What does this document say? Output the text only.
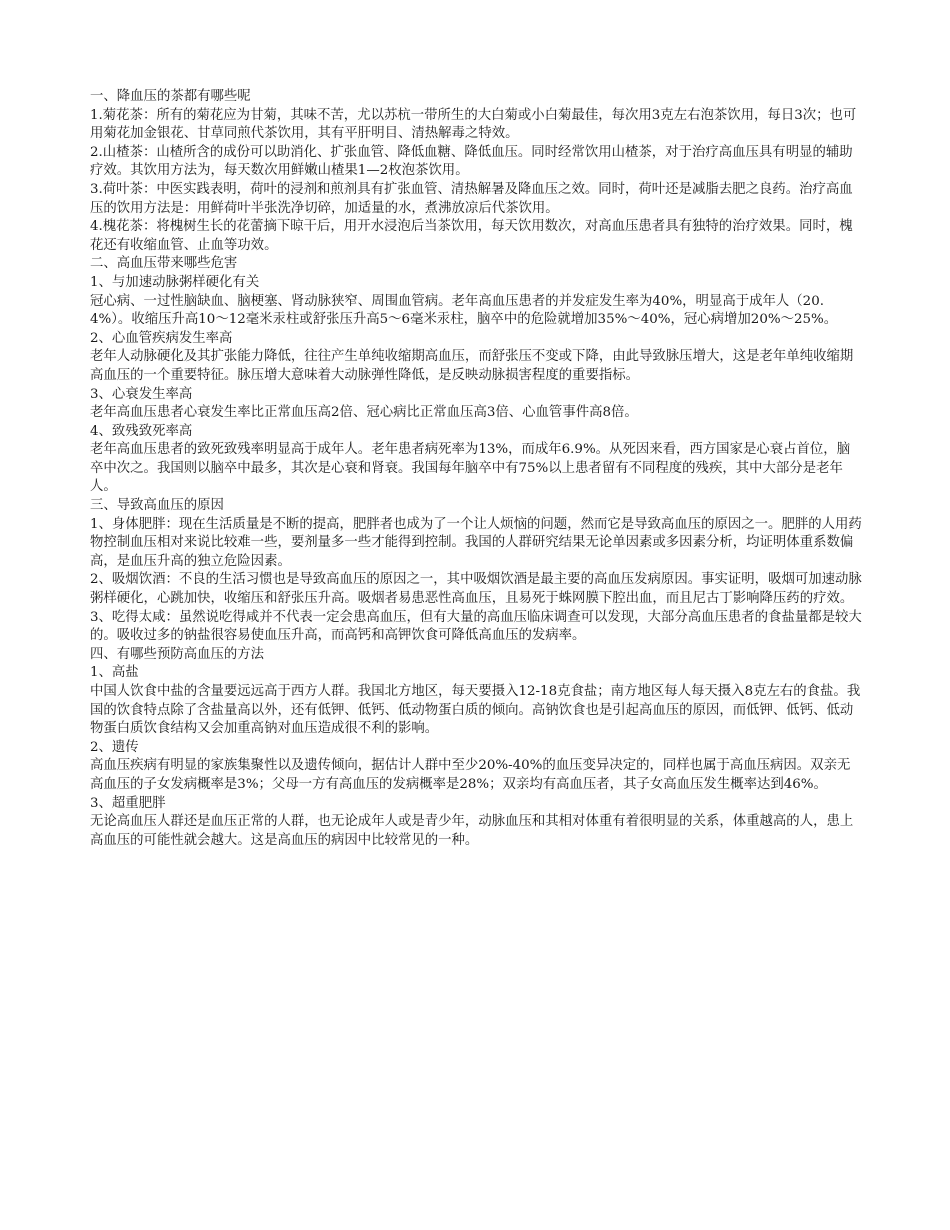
一、降血压的茶都有哪些呢

1.菊花茶：所有的菊花应为甘菊，其味不苦，尤以苏杭一带所生的大白菊或小白菊最佳，每次用3克左右泡茶饮用，每日3次；也可用菊花加金银花、甘草同煎代茶饮用，其有平肝明目、清热解毒之特效。

2.山楂茶：山楂所含的成份可以助消化、扩张血管、降低血糖、降低血压。同时经常饮用山楂茶，对于治疗高血压具有明显的辅助疗效。其饮用方法为，每天数次用鲜嫩山楂果1—2枚泡茶饮用。

3.荷叶茶：中医实践表明，荷叶的浸剂和煎剂具有扩张血管、清热解暑及降血压之效。同时，荷叶还是减脂去肥之良药。治疗高血压的饮用方法是：用鲜荷叶半张洗净切碎，加适量的水，煮沸放凉后代茶饮用。

4.槐花茶：将槐树生长的花蕾摘下晾干后，用开水浸泡后当茶饮用，每天饮用数次，对高血压患者具有独特的治疗效果。同时，槐花还有收缩血管、止血等功效。

二、高血压带来哪些危害

1、与加速动脉粥样硬化有关

冠心病、一过性脑缺血、脑梗塞、肾动脉狭窄、周围血管病。老年高血压患者的并发症发生率为40%，明显高于成年人（20.4%）。收缩压升高10～12毫米汞柱或舒张压升高5～6毫米汞柱，脑卒中的危险就增加35%～40%，冠心病增加20%～25%。

2、心血管疾病发生率高

老年人动脉硬化及其扩张能力降低，往往产生单纯收缩期高血压，而舒张压不变或下降，由此导致脉压增大，这是老年单纯收缩期高血压的一个重要特征。脉压增大意味着大动脉弹性降低，是反映动脉损害程度的重要指标。

3、心衰发生率高

老年高血压患者心衰发生率比正常血压高2倍、冠心病比正常血压高3倍、心血管事件高8倍。

4、致残致死率高

老年高血压患者的致死致残率明显高于成年人。老年患者病死率为13%，而成年6.9%。从死因来看，西方国家是心衰占首位，脑卒中次之。我国则以脑卒中最多，其次是心衰和肾衰。我国每年脑卒中有75%以上患者留有不同程度的残疾，其中大部分是老年人。

三、导致高血压的原因

1、身体肥胖：现在生活质量是不断的提高，肥胖者也成为了一个让人烦恼的问题，然而它是导致高血压的原因之一。肥胖的人用药物控制血压相对来说比较难一些，要剂量多一些才能得到控制。我国的人群研究结果无论单因素或多因素分析，均证明体重系数偏高，是血压升高的独立危险因素。

2、吸烟饮酒：不良的生活习惯也是导致高血压的原因之一，其中吸烟饮酒是最主要的高血压发病原因。事实证明，吸烟可加速动脉粥样硬化，心跳加快，收缩压和舒张压升高。吸烟者易患恶性高血压，且易死于蛛网膜下腔出血，而且尼古丁影响降压药的疗效。

3、吃得太咸：虽然说吃得咸并不代表一定会患高血压，但有大量的高血压临床调查可以发现，大部分高血压患者的食盐量都是较大的。吸收过多的钠盐很容易使血压升高，而高钙和高钾饮食可降低高血压的发病率。

四、有哪些预防高血压的方法

1、高盐

中国人饮食中盐的含量要远远高于西方人群。我国北方地区，每天要摄入12-18克食盐；南方地区每人每天摄入8克左右的食盐。我国的饮食特点除了含盐量高以外，还有低钾、低钙、低动物蛋白质的倾向。高钠饮食也是引起高血压的原因，而低钾、低钙、低动物蛋白质饮食结构又会加重高钠对血压造成很不利的影响。

2、遗传

高血压疾病有明显的家族集聚性以及遗传倾向，据估计人群中至少20%-40%的血压变异决定的，同样也属于高血压病因。双亲无高血压的子女发病概率是3%；父母一方有高血压的发病概率是28%；双亲均有高血压者，其子女高血压发生概率达到46%。

3、超重肥胖

无论高血压人群还是血压正常的人群，也无论成年人或是青少年，动脉血压和其相对体重有着很明显的关系，体重越高的人，患上高血压的可能性就会越大。这是高血压的病因中比较常见的一种。
